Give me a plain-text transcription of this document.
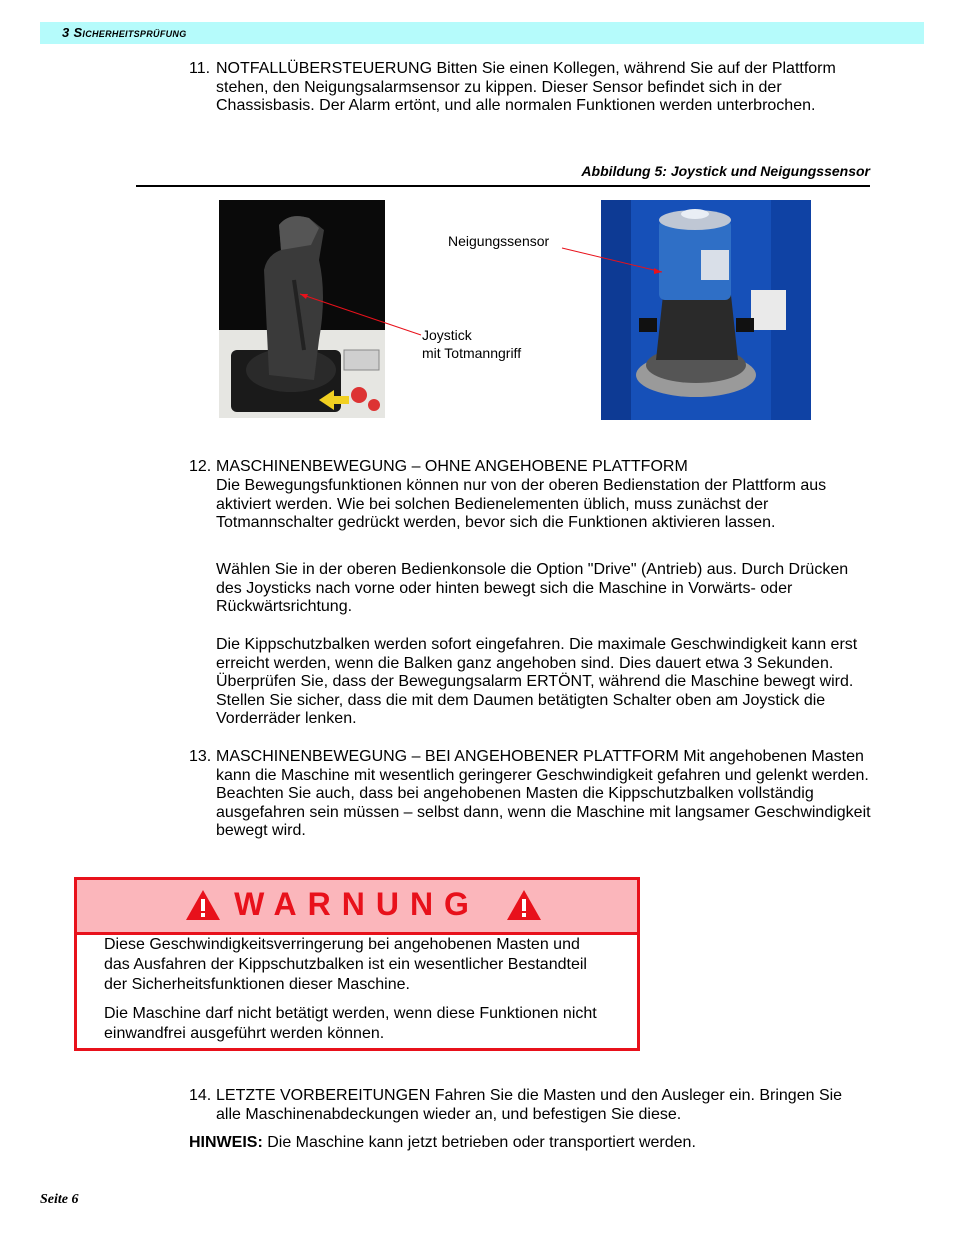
3 Sicherheitsprüfung
11. NOTFALLÜBERSTEUERUNG Bitten Sie einen Kollegen, während Sie auf der Plattform stehen, den Neigungsalarmsensor zu kippen. Dieser Sensor befindet sich in der Chassisbasis. Der Alarm ertönt, und alle normalen Funktionen werden unterbrochen.
Abbildung 5: Joystick und Neigungssensor
Neigungssensor
Joystick
mit Totmanngriff
12. MASCHINENBEWEGUNG – OHNE ANGEHOBENE PLATTFORM
Die Bewegungsfunktionen können nur von der oberen Bedienstation der Plattform aus aktiviert werden. Wie bei solchen Bedienelementen üblich, muss zunächst der Totmannschalter gedrückt werden, bevor sich die Funktionen aktivieren lassen.
Wählen Sie in der oberen Bedienkonsole die Option "Drive" (Antrieb) aus. Durch Drücken des Joysticks nach vorne oder hinten bewegt sich die Maschine in Vorwärts- oder Rückwärtsrichtung.
Die Kippschutzbalken werden sofort eingefahren. Die maximale Geschwindigkeit kann erst erreicht werden, wenn die Balken ganz angehoben sind. Dies dauert etwa 3 Sekunden. Überprüfen Sie, dass der Bewegungsalarm ERTÖNT, während die Maschine bewegt wird. Stellen Sie sicher, dass die mit dem Daumen betätigten Schalter oben am Joystick die Vorderräder lenken.
13. MASCHINENBEWEGUNG – BEI ANGEHOBENER PLATTFORM Mit angehobenen Masten kann die Maschine mit wesentlich geringerer Geschwindigkeit gefahren und gelenkt werden. Beachten Sie auch, dass bei angehobenen Masten die Kippschutzbalken vollständig ausgefahren sein müssen – selbst dann, wenn die Maschine mit langsamer Geschwindigkeit bewegt wird.
WARNUNG
Diese Geschwindigkeitsverringerung bei angehobenen Masten und das Ausfahren der Kippschutzbalken ist ein wesentlicher Bestandteil der Sicherheitsfunktionen dieser Maschine.
Die Maschine darf nicht betätigt werden, wenn diese Funktionen nicht einwandfrei ausgeführt werden können.
14. LETZTE VORBEREITUNGEN Fahren Sie die Masten und den Ausleger ein. Bringen Sie alle Maschinenabdeckungen wieder an, und befestigen Sie diese.
HINWEIS: Die Maschine kann jetzt betrieben oder transportiert werden.
Seite 6
